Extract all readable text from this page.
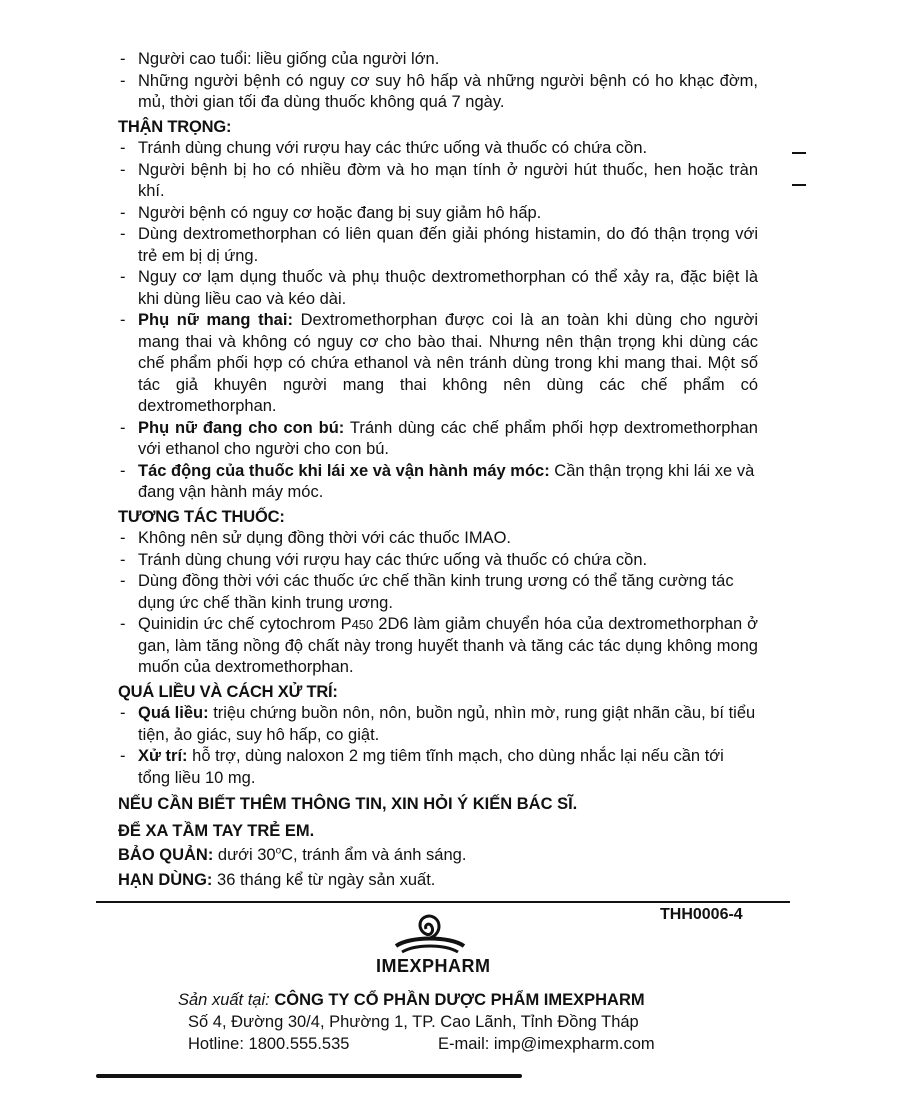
- Người cao tuổi: liều giống của người lớn.
- Những người bệnh có nguy cơ suy hô hấp và những người bệnh có ho khạc đờm, mủ, thời gian tối đa dùng thuốc không quá 7 ngày.
THẬN TRỌNG:
- Tránh dùng chung với rượu hay các thức uống và thuốc có chứa cồn.
- Người bệnh bị ho có nhiều đờm và ho mạn tính ở người hút thuốc, hen hoặc tràn khí.
- Người bệnh có nguy cơ hoặc đang bị suy giảm hô hấp.
- Dùng dextromethorphan có liên quan đến giải phóng histamin, do đó thận trọng với trẻ em bị dị ứng.
- Nguy cơ lạm dụng thuốc và phụ thuộc dextromethorphan có thể xảy ra, đặc biệt là khi dùng liều cao và kéo dài.
- Phụ nữ mang thai: Dextromethorphan được coi là an toàn khi dùng cho người mang thai và không có nguy cơ cho bào thai. Nhưng nên thận trọng khi dùng các chế phẩm phối hợp có chứa ethanol và nên tránh dùng trong khi mang thai. Một số tác giả khuyên người mang thai không nên dùng các chế phẩm có dextromethorphan.
- Phụ nữ đang cho con bú: Tránh dùng các chế phẩm phối hợp dextromethorphan với ethanol cho người cho con bú.
- Tác động của thuốc khi lái xe và vận hành máy móc: Cần thận trọng khi lái xe và đang vận hành máy móc.
TƯƠNG TÁC THUỐC:
- Không nên sử dụng đồng thời với các thuốc IMAO.
- Tránh dùng chung với rượu hay các thức uống và thuốc có chứa cồn.
- Dùng đồng thời với các thuốc ức chế thần kinh trung ương có thể tăng cường tác dụng ức chế thần kinh trung ương.
- Quinidin ức chế cytochrom P450 2D6 làm giảm chuyển hóa của dextromethorphan ở gan, làm tăng nồng độ chất này trong huyết thanh và tăng các tác dụng không mong muốn của dextromethorphan.
QUÁ LIỀU VÀ CÁCH XỬ TRÍ:
- Quá liều: triệu chứng buồn nôn, nôn, buồn ngủ, nhìn mờ, rung giật nhãn cầu, bí tiểu tiện, ảo giác, suy hô hấp, co giật.
- Xử trí: hỗ trợ, dùng naloxon 2 mg tiêm tĩnh mạch, cho dùng nhắc lại nếu cần tới tổng liều 10 mg.
NẾU CẦN BIẾT THÊM THÔNG TIN, XIN HỎI Ý KIẾN BÁC SĨ.
ĐỂ XA TẦM TAY TRẺ EM.
BẢO QUẢN: dưới 30$^o$C, tránh ẩm và ánh sáng.
HẠN DÙNG: 36 tháng kể từ ngày sản xuất.
THH0006-4
IMEXPHARM
Sản xuất tại: CÔNG TY CỔ PHẦN DƯỢC PHẨM IMEXPHARM
Số 4, Đường 30/4, Phường 1, TP. Cao Lãnh, Tỉnh Đồng Tháp
Hotline: 1800.555.535	E-mail: imp@imexpharm.com
